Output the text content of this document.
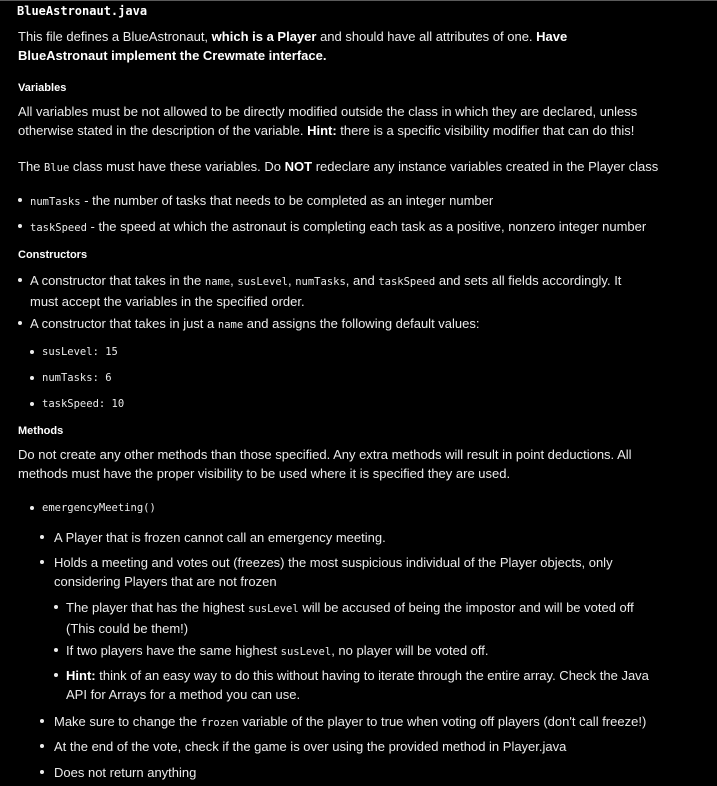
BlueAstronaut.java

This file defines a BlueAstronaut, which is a Player and should have all attributes of one. Have BlueAstronaut implement the Crewmate interface.

Variables

All variables must be not allowed to be directly modified outside the class in which they are declared, unless otherwise stated in the description of the variable. Hint: there is a specific visibility modifier that can do this!

The Blue class must have these variables. Do NOT redeclare any instance variables created in the Player class

numTasks - the number of tasks that needs to be completed as an integer number
taskSpeed - the speed at which the astronaut is completing each task as a positive, nonzero integer number
Constructors
A constructor that takes in the name, susLevel, numTasks, and taskSpeed and sets all fields accordingly. It must accept the variables in the specified order.
A constructor that takes in just a name and assigns the following default values:
susLevel: 15
numTasks: 6
taskSpeed: 10
Methods

Do not create any other methods than those specified. Any extra methods will result in point deductions. All methods must have the proper visibility to be used where it is specified they are used.

emergencyMeeting()
A Player that is frozen cannot call an emergency meeting.
Holds a meeting and votes out (freezes) the most suspicious individual of the Player objects, only considering Players that are not frozen
The player that has the highest susLevel will be accused of being the impostor and will be voted off (This could be them!)
If two players have the same highest susLevel, no player will be voted off.
Hint: think of an easy way to do this without having to iterate through the entire array. Check the Java API for Arrays for a method you can use.
Make sure to change the frozen variable of the player to true when voting off players (don't call freeze!)
At the end of the vote, check if the game is over using the provided method in Player.java
Does not return anything
